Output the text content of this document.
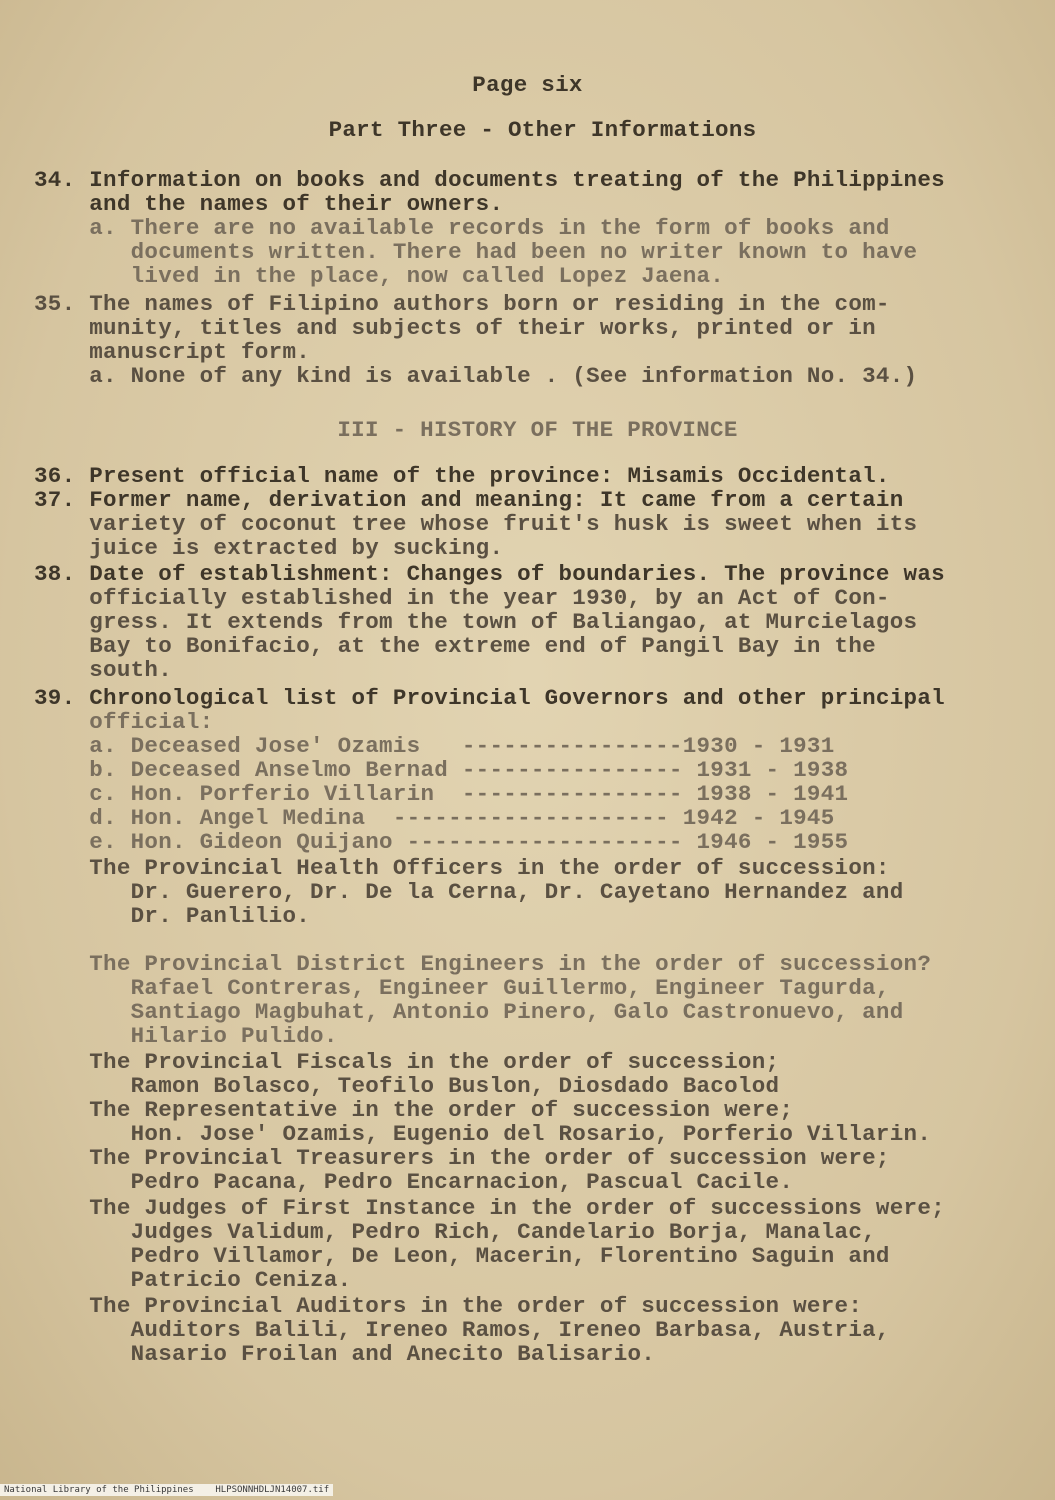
Page six
Part Three - Other Informations
34. Information on books and documents treating of the Philippines
and the names of their owners.
a. There are no available records in the form of books and
documents written. There had been no writer known to have
lived in the place, now called Lopez Jaena.
35. The names of Filipino authors born or residing in the com-
munity, titles and subjects of their works, printed or in
manuscript form.
a. None of any kind is available . (See information No. 34.)
III - HISTORY OF THE PROVINCE
36. Present official name of the province: Misamis Occidental.
37. Former name, derivation and meaning: It came from a certain
variety of coconut tree whose fruit's husk is sweet when its
juice is extracted by sucking.
38. Date of establishment: Changes of boundaries. The province was
officially established in the year 1930, by an Act of Con-
gress. It extends from the town of Baliangao, at Murcielagos
Bay to Bonifacio, at the extreme end of Pangil Bay in the
south.
39. Chronological list of Provincial Governors and other principal
official:
a. Deceased Jose' Ozamis   ----------------1930 - 1931
b. Deceased Anselmo Bernad ---------------- 1931 - 1938
c. Hon. Porferio Villarin  ---------------- 1938 - 1941
d. Hon. Angel Medina  -------------------- 1942 - 1945
e. Hon. Gideon Quijano -------------------- 1946 - 1955
The Provincial Health Officers in the order of succession:
Dr. Guerero, Dr. De la Cerna, Dr. Cayetano Hernandez and
Dr. Panlilio.
The Provincial District Engineers in the order of succession?
Rafael Contreras, Engineer Guillermo, Engineer Tagurda,
Santiago Magbuhat, Antonio Pinero, Galo Castronuevo, and
Hilario Pulido.
The Provincial Fiscals in the order of succession;
Ramon Bolasco, Teofilo Buslon, Diosdado Bacolod
The Representative in the order of succession were;
Hon. Jose' Ozamis, Eugenio del Rosario, Porferio Villarin.
The Provincial Treasurers in the order of succession were;
Pedro Pacana, Pedro Encarnacion, Pascual Cacile.
The Judges of First Instance in the order of successions were;
Judges Validum, Pedro Rich, Candelario Borja, Manalac,
Pedro Villamor, De Leon, Macerin, Florentino Saguin and
Patricio Ceniza.
The Provincial Auditors in the order of succession were:
Auditors Balili, Ireneo Ramos, Ireneo Barbasa, Austria,
Nasario Froilan and Anecito Balisario.
National Library of the Philippines HLPSONNHDLJN14007.tif
